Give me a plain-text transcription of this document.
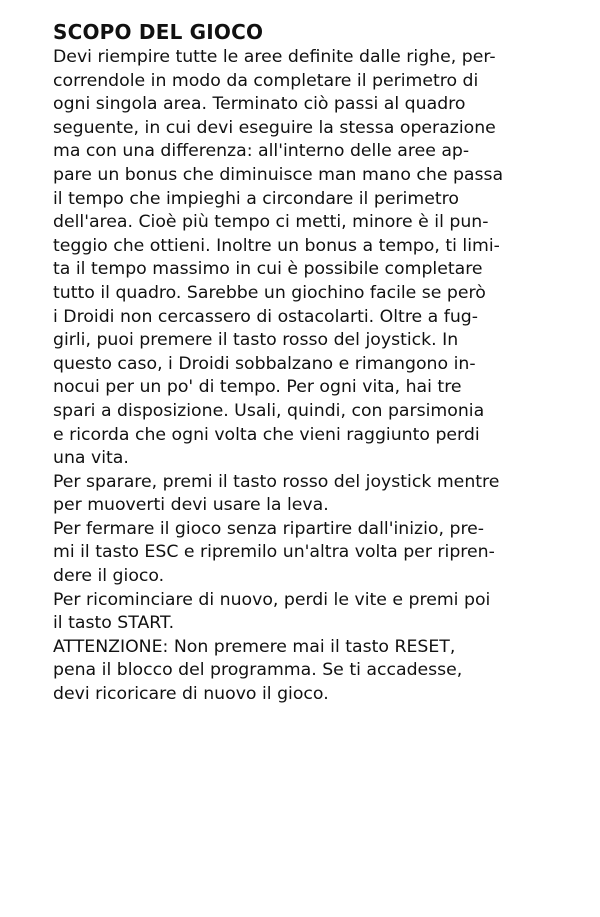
SCOPO DEL GIOCO

Devi riempire tutte le aree definite dalle righe, per-
correndole in modo da completare il perimetro di
ogni singola area. Terminato ciò passi al quadro
seguente, in cui devi eseguire la stessa operazione
ma con una differenza: all'interno delle aree ap-
pare un bonus che diminuisce man mano che passa
il tempo che impieghi a circondare il perimetro
dell'area. Cioè più tempo ci metti, minore è il pun-
teggio che ottieni. Inoltre un bonus a tempo, ti limi-
ta il tempo massimo in cui è possibile completare
tutto il quadro. Sarebbe un giochino facile se però
i Droidi non cercassero di ostacolarti. Oltre a fug-
girli, puoi premere il tasto rosso del joystick. In
questo caso, i Droidi sobbalzano e rimangono in-
nocui per un po' di tempo. Per ogni vita, hai tre
spari a disposizione. Usali, quindi, con parsimonia
e ricorda che ogni volta che vieni raggiunto perdi
una vita.

Per sparare, premi il tasto rosso del joystick mentre
per muoverti devi usare la leva.

Per fermare il gioco senza ripartire dall'inizio, pre-
mi il tasto ESC e ripremilo un'altra volta per ripren-
dere il gioco.

Per ricominciare di nuovo, perdi le vite e premi poi
il tasto START.

ATTENZIONE: Non premere mai il tasto RESET,
pena il blocco del programma. Se ti accadesse,
devi ricoricare di nuovo il gioco.
